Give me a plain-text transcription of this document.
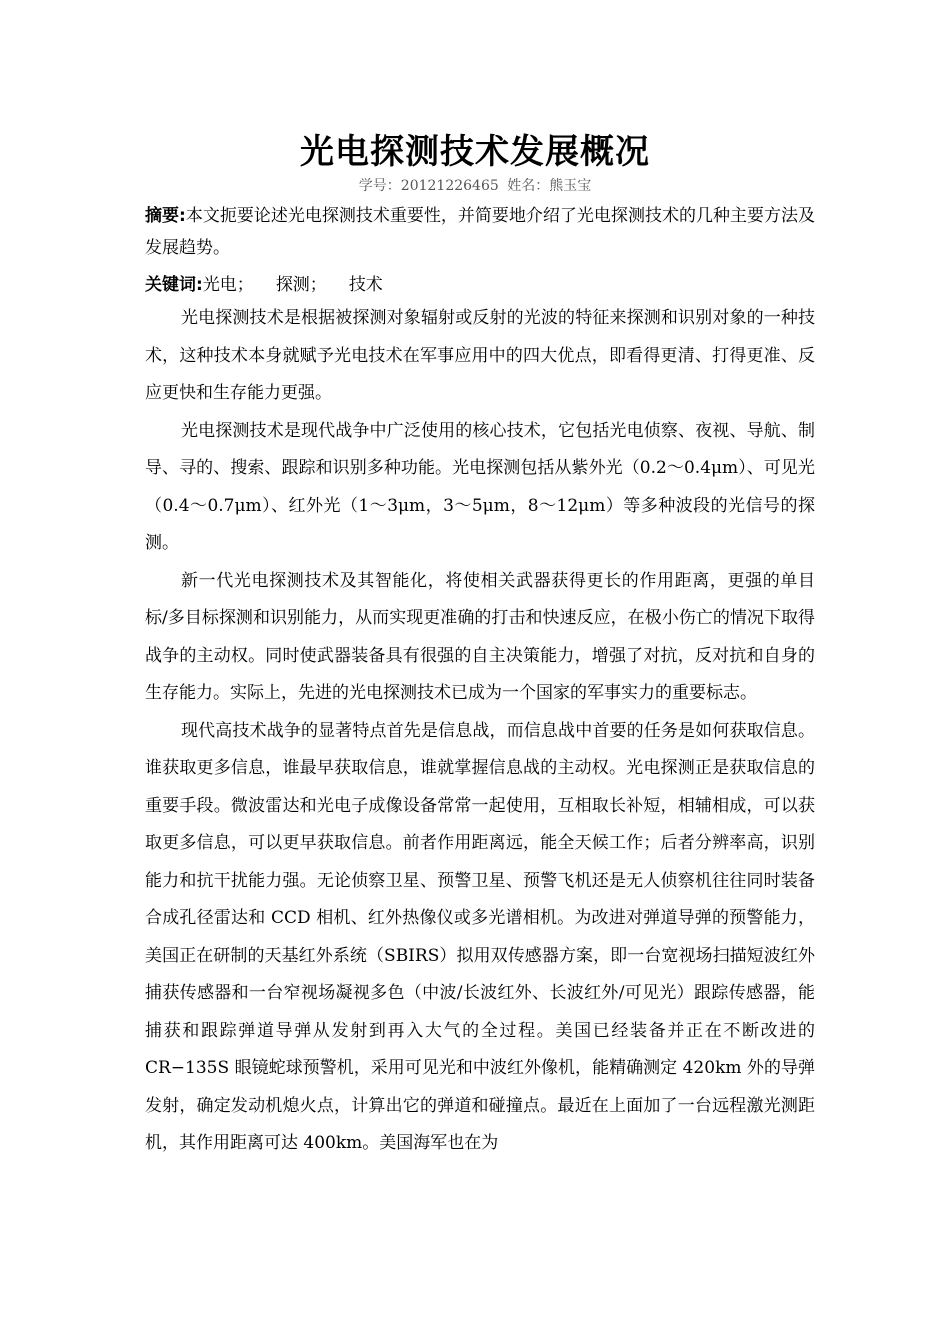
光电探测技术发展概况
学号：20121226465 姓名：熊玉宝

摘要:本文扼要论述光电探测技术重要性，并简要地介绍了光电探测技术的几种主要方法及发展趋势。

关键词:光电； 探测； 技术

光电探测技术是根据被探测对象辐射或反射的光波的特征来探测和识别对象的一种技术，这种技术本身就赋予光电技术在军事应用中的四大优点，即看得更清、打得更准、反应更快和生存能力更强。

光电探测技术是现代战争中广泛使用的核心技术，它包括光电侦察、夜视、导航、制导、寻的、搜索、跟踪和识别多种功能。光电探测包括从紫外光（0.2～0.4μm）、可见光（0.4～0.7μm）、红外光（1～3μm，3～5μm，8～12μm）等多种波段的光信号的探测。

新一代光电探测技术及其智能化，将使相关武器获得更长的作用距离，更强的单目标/多目标探测和识别能力，从而实现更准确的打击和快速反应，在极小伤亡的情况下取得战争的主动权。同时使武器装备具有很强的自主决策能力，增强了对抗，反对抗和自身的生存能力。实际上，先进的光电探测技术已成为一个国家的军事实力的重要标志。

现代高技术战争的显著特点首先是信息战，而信息战中首要的任务是如何获取信息。谁获取更多信息，谁最早获取信息，谁就掌握信息战的主动权。光电探测正是获取信息的重要手段。微波雷达和光电子成像设备常常一起使用，互相取长补短，相辅相成，可以获取更多信息，可以更早获取信息。前者作用距离远，能全天候工作；后者分辨率高，识别能力和抗干扰能力强。无论侦察卫星、预警卫星、预警飞机还是无人侦察机往往同时装备合成孔径雷达和 CCD 相机、红外热像仪或多光谱相机。为改进对弹道导弹的预警能力，美国正在研制的天基红外系统（SBIRS）拟用双传感器方案，即一台宽视场扫描短波红外捕获传感器和一台窄视场凝视多色（中波/长波红外、长波红外/可见光）跟踪传感器，能捕获和跟踪弹道导弹从发射到再入大气的全过程。美国已经装备并正在不断改进的 CR−135S 眼镜蛇球预警机，采用可见光和中波红外像机，能精确测定 420km 外的导弹发射，确定发动机熄火点，计算出它的弹道和碰撞点。最近在上面加了一台远程激光测距机，其作用距离可达 400km。美国海军也在为
